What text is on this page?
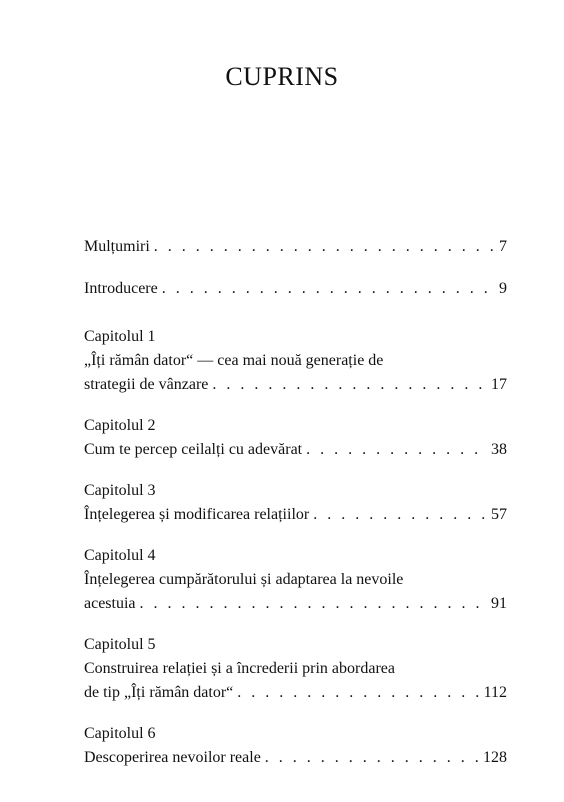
CUPRINS
Mulțumiri . . .	7
Introducere . . .	9
Capitolul 1
„Îți rămân dator“ — cea mai nouă generație de
strategii de vânzare . . .	17
Capitolul 2
Cum te percep ceilalți cu adevărat . . .	38
Capitolul 3
Înțelegerea și modificarea relațiilor . . .	57
Capitolul 4
Înțelegerea cumpărătorului și adaptarea la nevoile
acestuia . . .	91
Capitolul 5
Construirea relației și a încrederii prin abordarea
de tip „Îți rămân dator“ . . .	112
Capitolul 6
Descoperirea nevoilor reale . . .	128
